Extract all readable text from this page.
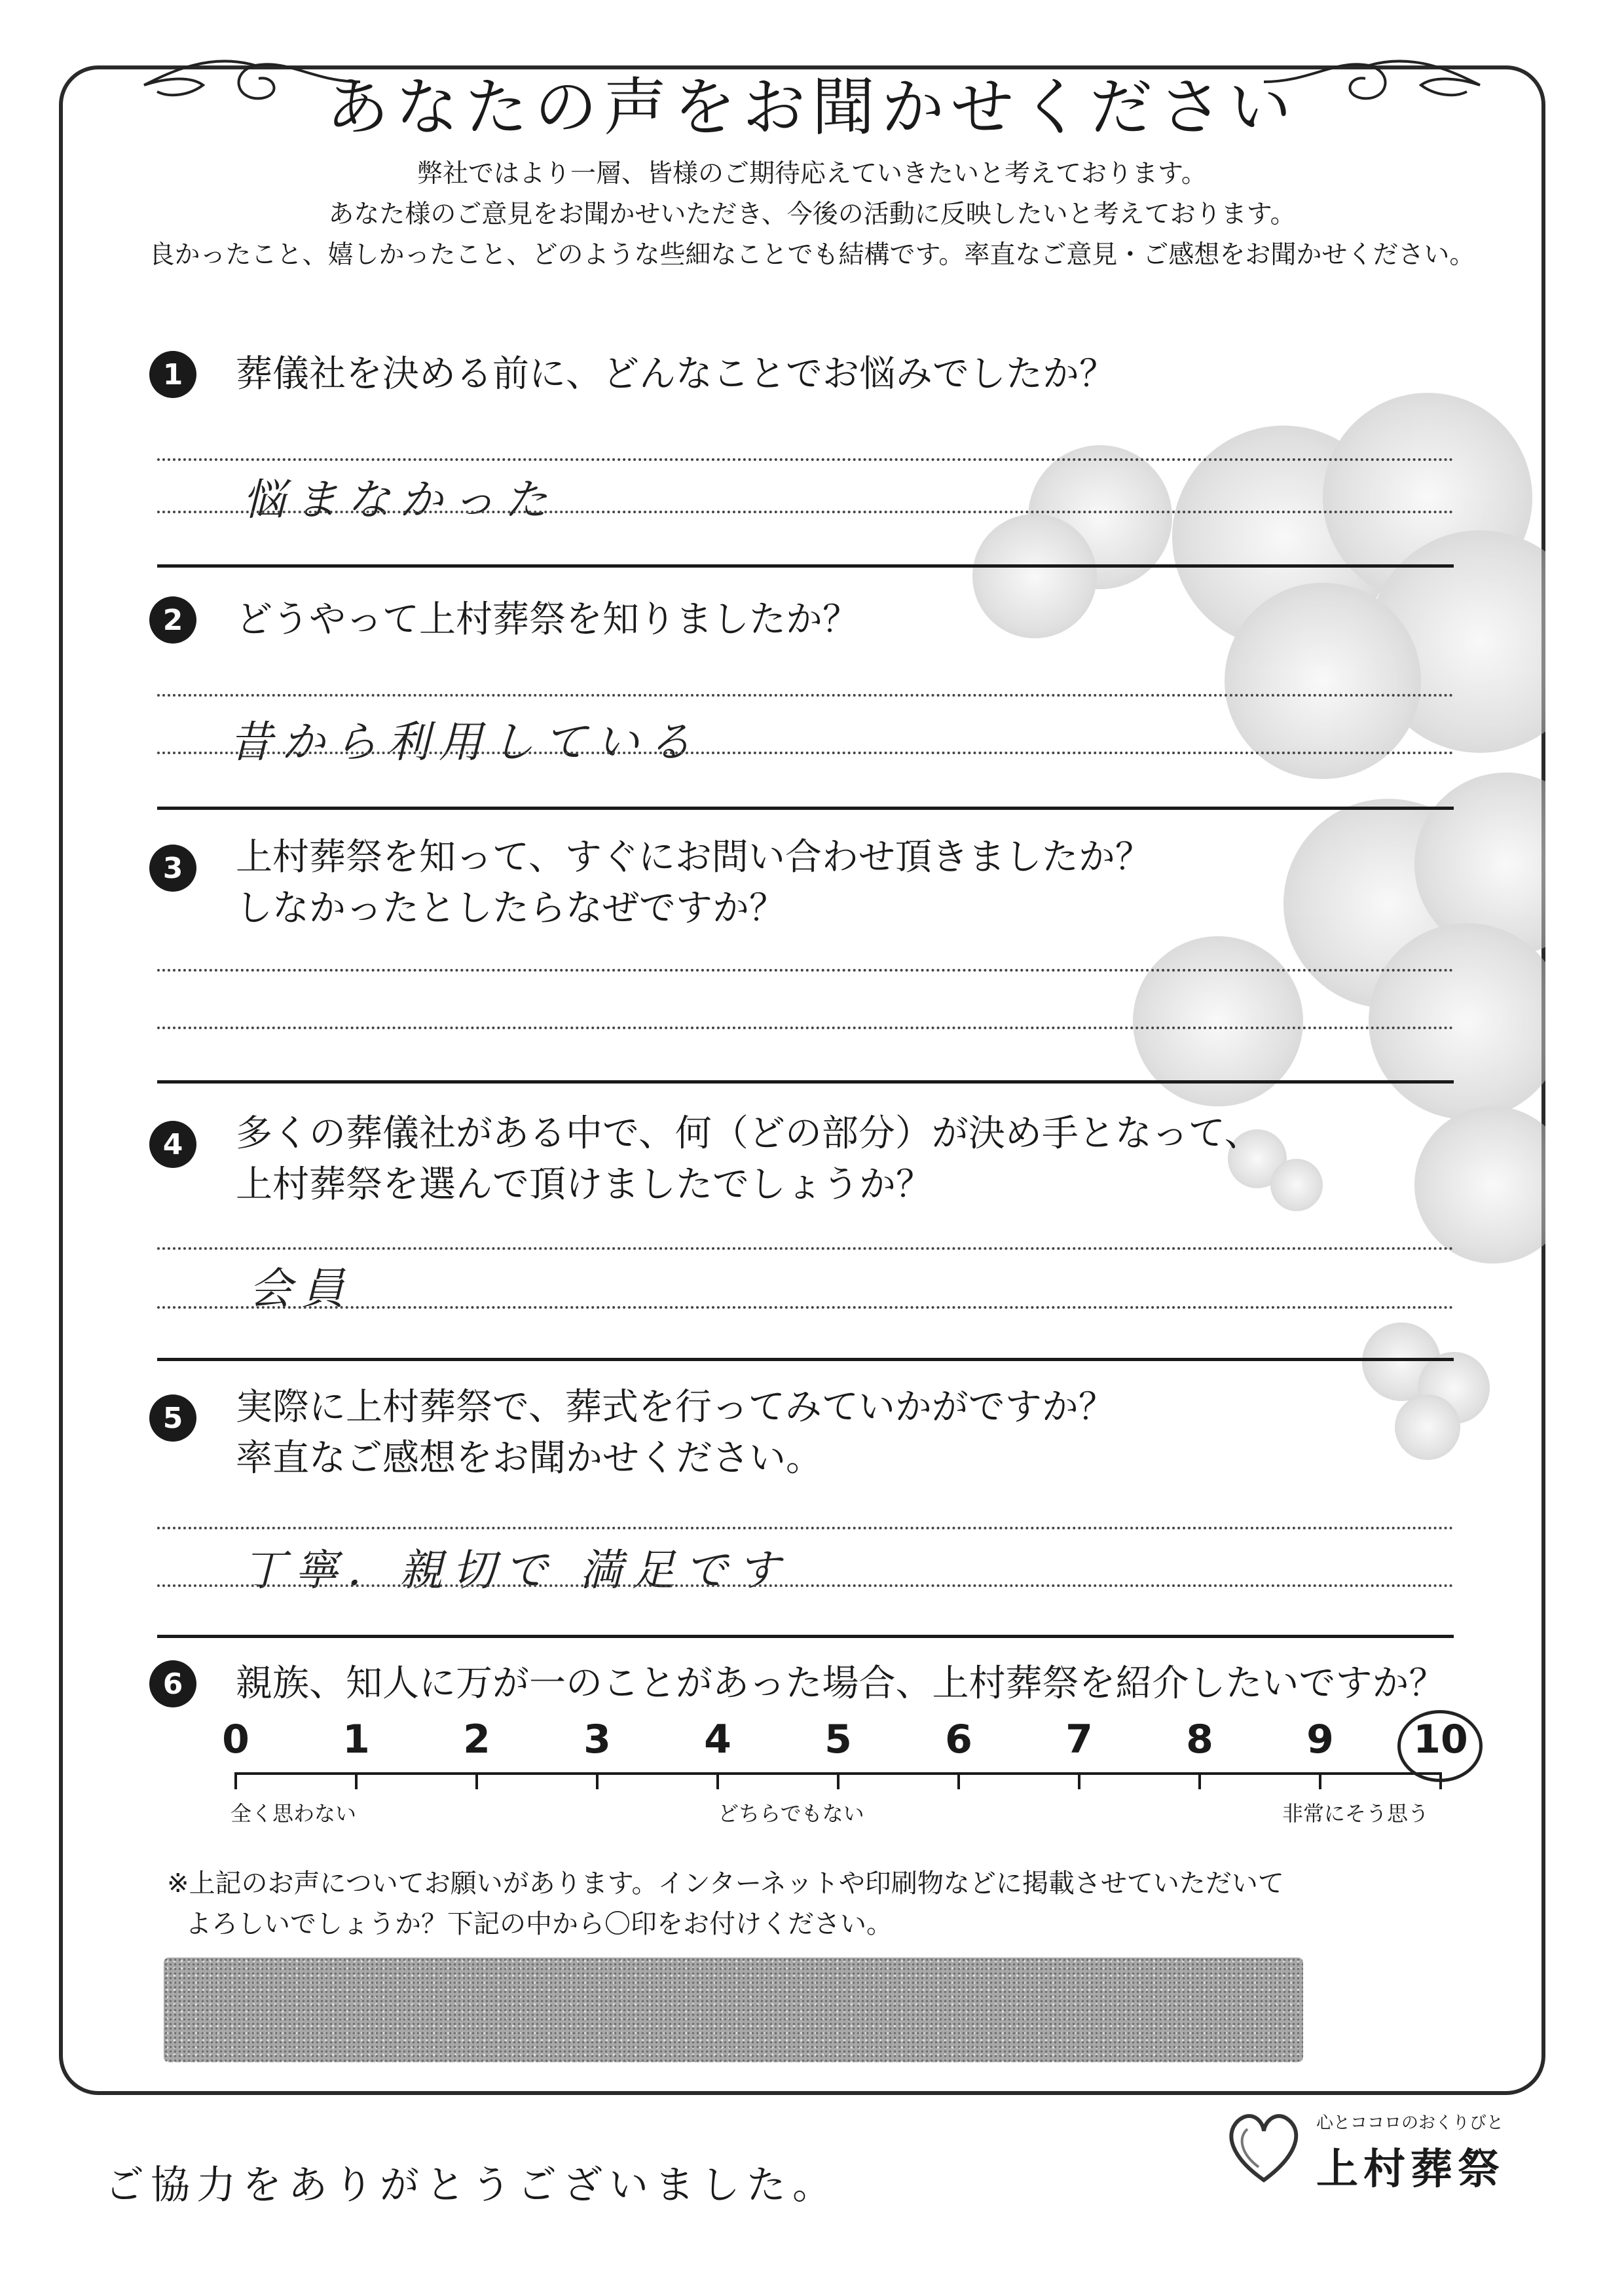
あなたの声をお聞かせください
弊社ではより一層、皆様のご期待応えていきたいと考えております。
あなた様のご意見をお聞かせいただき、今後の活動に反映したいと考えております。
良かったこと、嬉しかったこと、どのような些細なことでも結構です。率直なご意見・ご感想をお聞かせください。
1	葬儀社を決める前に、どんなことでお悩みでしたか？
悩まなかった
2	どうやって上村葬祭を知りましたか？
昔から利用している
3	上村葬祭を知って、すぐにお問い合わせ頂きましたか？
しなかったとしたらなぜですか？
4	多くの葬儀社がある中で、何（どの部分）が決め手となって、
上村葬祭を選んで頂けましたでしょうか？
会員
5	実際に上村葬祭で、葬式を行ってみていかがですか？
率直なご感想をお聞かせください。
丁寧．親切で 満足です
6	親族、知人に万が一のことがあった場合、上村葬祭を紹介したいですか？
0	1	2	3	4	5	6	7	8	9	10
全く思わない	どちらでもない	非常にそう思う
※上記のお声についてお願いがあります。インターネットや印刷物などに掲載させていただいて
よろしいでしょうか？下記の中から〇印をお付けください。
ご協力をありがとうございました。
心とココロのおくりびと
上村葬祭
